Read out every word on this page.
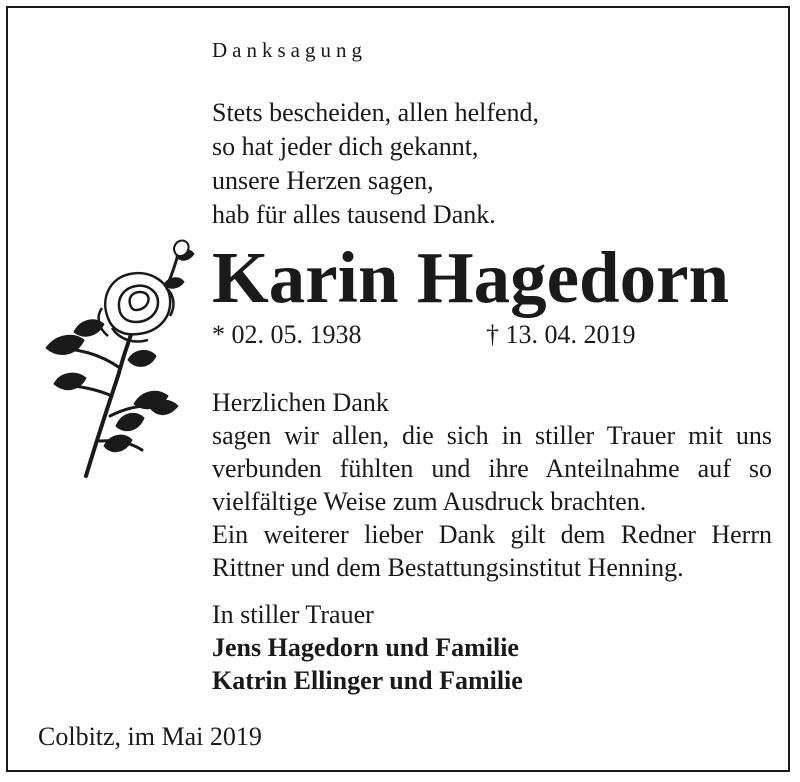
Danksagung
Stets bescheiden, allen helfend,
so hat jeder dich gekannt,
unsere Herzen sagen,
hab für alles tausend Dank.
Karin Hagedorn
* 02. 05. 1938	† 13. 04. 2019
Herzlichen Dank
sagen wir allen, die sich in stiller Trauer mit uns
verbunden fühlten und ihre Anteilnahme auf so
vielfältige Weise zum Ausdruck brachten.
Ein weiterer lieber Dank gilt dem Redner Herrn
Rittner und dem Bestattungsinstitut Henning.
In stiller Trauer
Jens Hagedorn und Familie
Katrin Ellinger und Familie
Colbitz, im Mai 2019
